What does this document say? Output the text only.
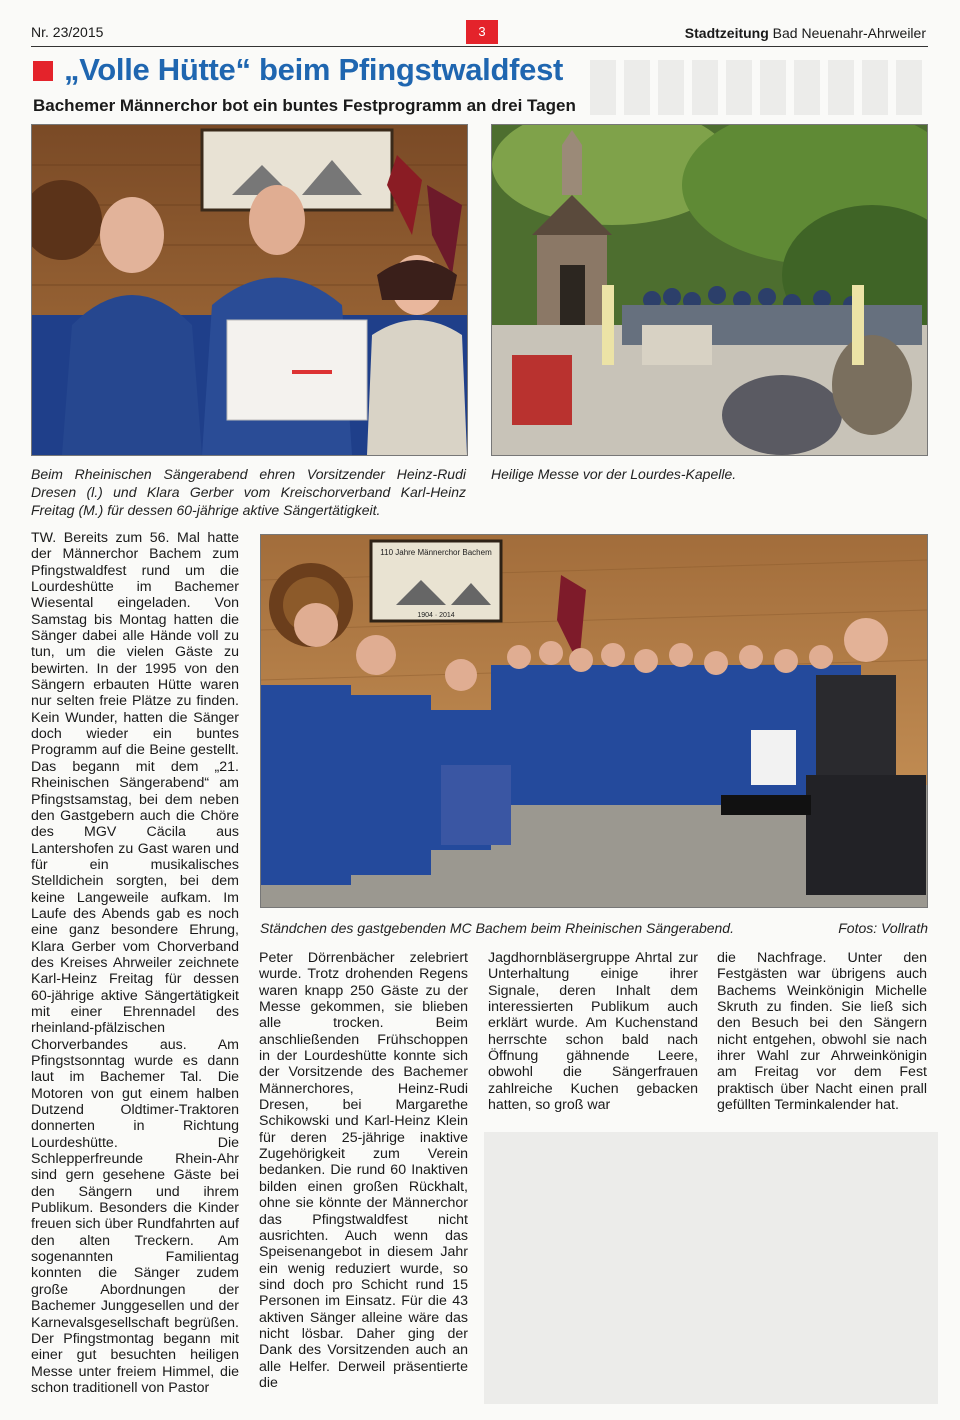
Nr. 23/2015	3	Stadtzeitung Bad Neuenahr-Ahrweiler
„Volle Hütte“ beim Pfingstwaldfest
Bachemer Männerchor bot ein buntes Festprogramm an drei Tagen
Beim Rheinischen Sängerabend ehren Vorsitzender Heinz-Rudi Dresen (l.) und Klara Gerber vom Kreischorverband Karl-Heinz Freitag (M.) für dessen 60-jährige aktive Sängertätigkeit.
Heilige Messe vor der Lourdes-Kapelle.
110 Jahre Männerchor Bachem
1904 · 2014
Ständchen des gastgebenden MC Bachem beim Rheinischen Sängerabend.	Fotos: Vollrath

TW. Bereits zum 56. Mal hatte der Männerchor Bachem zum Pfingstwaldfest rund um die Lourdeshütte im Bachemer Wiesental eingeladen. Von Samstag bis Montag hatten die Sänger dabei alle Hände voll zu tun, um die vielen Gäste zu bewirten. In der 1995 von den Sängern erbauten Hütte waren nur selten freie Plätze zu finden. Kein Wunder, hatten die Sänger doch wieder ein buntes Programm auf die Beine gestellt. Das begann mit dem „21. Rheinischen Sängerabend“ am Pfingstsamstag, bei dem neben den Gastgebern auch die Chöre des MGV Cäcila aus Lantershofen zu Gast waren und für ein musikalisches Stelldichein sorgten, bei dem keine Langeweile aufkam. Im Laufe des Abends gab es noch eine ganz besondere Ehrung, Klara Gerber vom Chorverband des Kreises Ahrweiler zeichnete Karl-Heinz Freitag für dessen 60-jährige aktive Sängertätigkeit mit einer Ehrennadel des rheinland-pfälzischen Chorverbandes aus. Am Pfingstsonntag wurde es dann laut im Bachemer Tal. Die Motoren von gut einem halben Dutzend Oldtimer-Traktoren donnerten in Richtung Lourdeshütte. Die Schlepperfreunde Rhein-Ahr sind gern gesehene Gäste bei den Sängern und ihrem Publikum. Besonders die Kinder freuen sich über Rundfahrten auf den alten Treckern. Am sogenannten Familientag konnten die Sänger zudem große Abordnungen der Bachemer Junggesellen und der Karnevalsgesellschaft begrüßen. Der Pfingstmontag begann mit einer gut besuchten heiligen Messe unter freiem Himmel, die schon traditionell von Pastor

Peter Dörrenbächer zelebriert wurde. Trotz drohenden Regens waren knapp 250 Gäste zu der Messe gekommen, sie blieben alle trocken. Beim anschließenden Frühschoppen in der Lourdeshütte konnte sich der Vorsitzende des Bachemer Männerchores, Heinz-Rudi Dresen, bei Margarethe Schikowski und Karl-Heinz Klein für deren 25-jährige inaktive Zugehörigkeit zum Verein bedanken. Die rund 60 Inaktiven bilden einen großen Rückhalt, ohne sie könnte der Männerchor das Pfingstwaldfest nicht ausrichten. Auch wenn das Speisenangebot in diesem Jahr ein wenig reduziert wurde, so sind doch pro Schicht rund 15 Personen im Einsatz. Für die 43 aktiven Sänger alleine wäre das nicht lösbar. Daher ging der Dank des Vorsitzenden auch an alle Helfer. Derweil präsentierte die

Jagdhornbläsergruppe Ahrtal zur Unterhaltung einige ihrer Signale, deren Inhalt dem interessierten Publikum auch erklärt wurde. Am Kuchenstand herrschte schon bald nach Öffnung gähnende Leere, obwohl die Sängerfrauen zahlreiche Kuchen gebacken hatten, so groß war

die Nachfrage. Unter den Festgästen war übrigens auch Bachems Weinkönigin Michelle Skruth zu finden. Sie ließ sich den Besuch bei den Sängern nicht entgehen, obwohl sie nach ihrer Wahl zur Ahrweinkönigin am Freitag vor dem Fest praktisch über Nacht einen prall gefüllten Terminkalender hat.
